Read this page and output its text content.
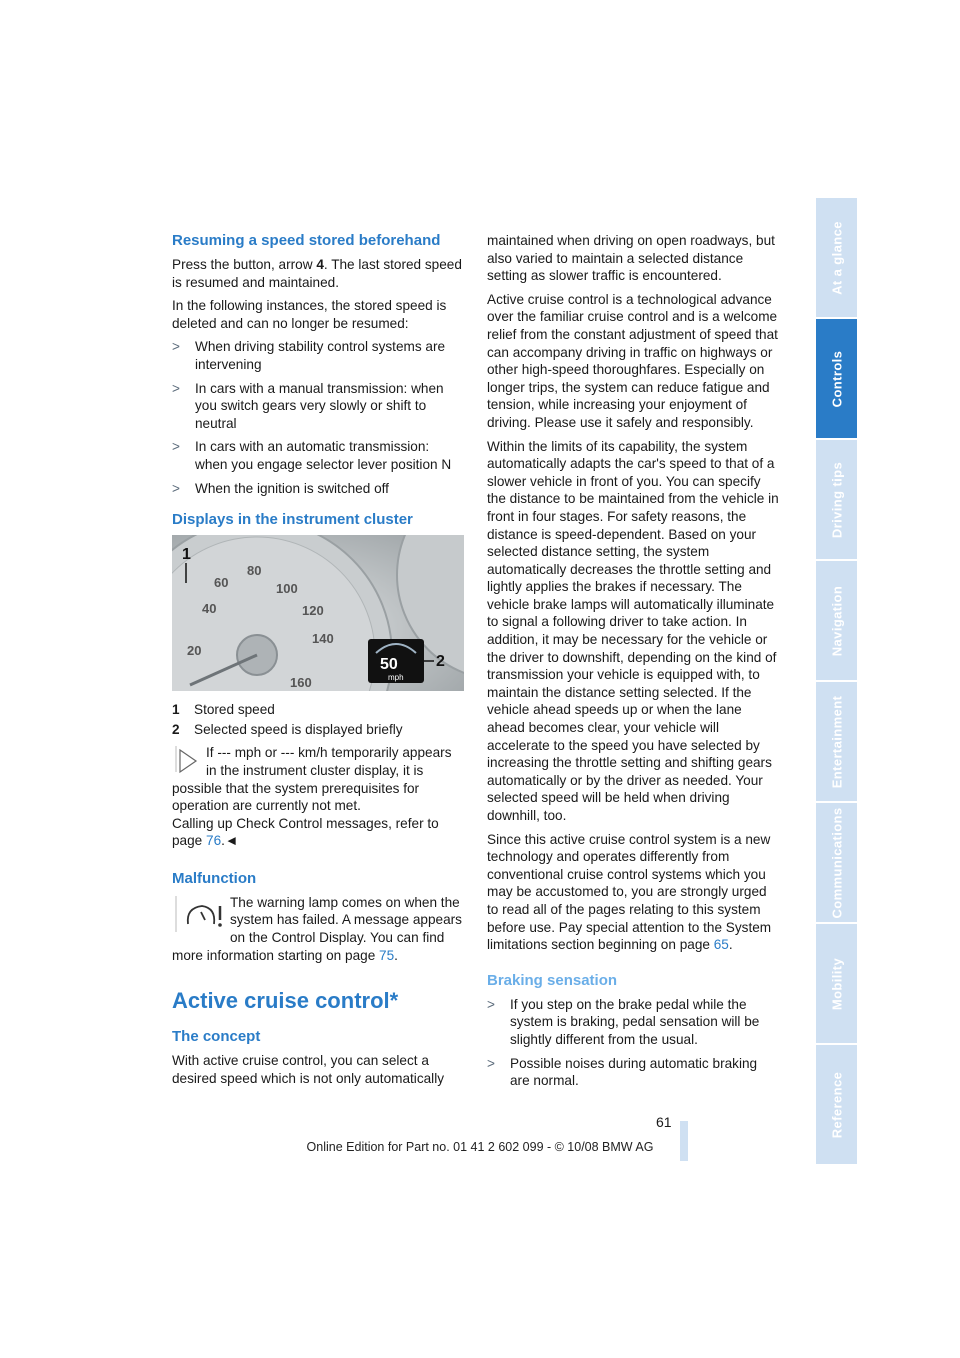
Resuming a speed stored beforehand

Press the button, arrow 4. The last stored speed is resumed and maintained.

In the following instances, the stored speed is deleted and can no longer be resumed:

> When driving stability control systems are intervening
> In cars with a manual transmission: when you switch gears very slowly or shift to neutral
> In cars with an automatic transmission: when you engage selector lever position N
> When the ignition is switched off
Displays in the instrument cluster
20
40
60
80
100
120
140
160
50
mph
2
1
1	Stored speed
2	Selected speed is displayed briefly
If --- mph or --- km/h temporarily appears in the instrument cluster display, it is possible that the system prerequisites for operation are currently not met.
Calling up Check Control messages, refer to page 76.◄
Malfunction
The warning lamp comes on when the system has failed. A message appears on the Control Display. You can find more information starting on page 75.
Active cruise control*
The concept

With active cruise control, you can select a desired speed which is not only automatically

maintained when driving on open roadways, but also varied to maintain a selected distance setting as slower traffic is encountered.

Active cruise control is a technological advance over the familiar cruise control and is a welcome relief from the constant adjustment of speed that can accompany driving in traffic on highways or other high-speed thoroughfares. Especially on longer trips, the system can reduce fatigue and tension, while increasing your enjoyment of driving. Please use it safely and responsibly.

Within the limits of its capability, the system automatically adapts the car's speed to that of a slower vehicle in front of you. You can specify the distance to be maintained from the vehicle in front in four stages. For safety reasons, the distance is speed-dependent. Based on your selected distance setting, the system automatically decreases the throttle setting and lightly applies the brakes if necessary. The vehicle brake lamps will automatically illuminate to signal a following driver to take action. In addition, it may be necessary for the vehicle or the driver to downshift, depending on the kind of transmission your vehicle is equipped with, to maintain the distance setting selected. If the vehicle ahead speeds up or when the lane ahead becomes clear, your vehicle will accelerate to the speed you have selected by increasing the throttle setting and shifting gears automatically or by the driver as needed. Your selected speed will be held when driving downhill, too.

Since this active cruise control system is a new technology and operates differently from conventional cruise control systems which you may be accustomed to, you are strongly urged to read all of the pages relating to this system before use. Pay special attention to the System limitations section beginning on page 65.

Braking sensation
> If you step on the brake pedal while the system is braking, pedal sensation will be slightly different from the usual.
> Possible noises during automatic braking are normal.
At a glance
Controls
Driving tips
Navigation
Entertainment
Communications
Mobility
Reference
61
Online Edition for Part no. 01 41 2 602 099 - © 10/08 BMW AG
